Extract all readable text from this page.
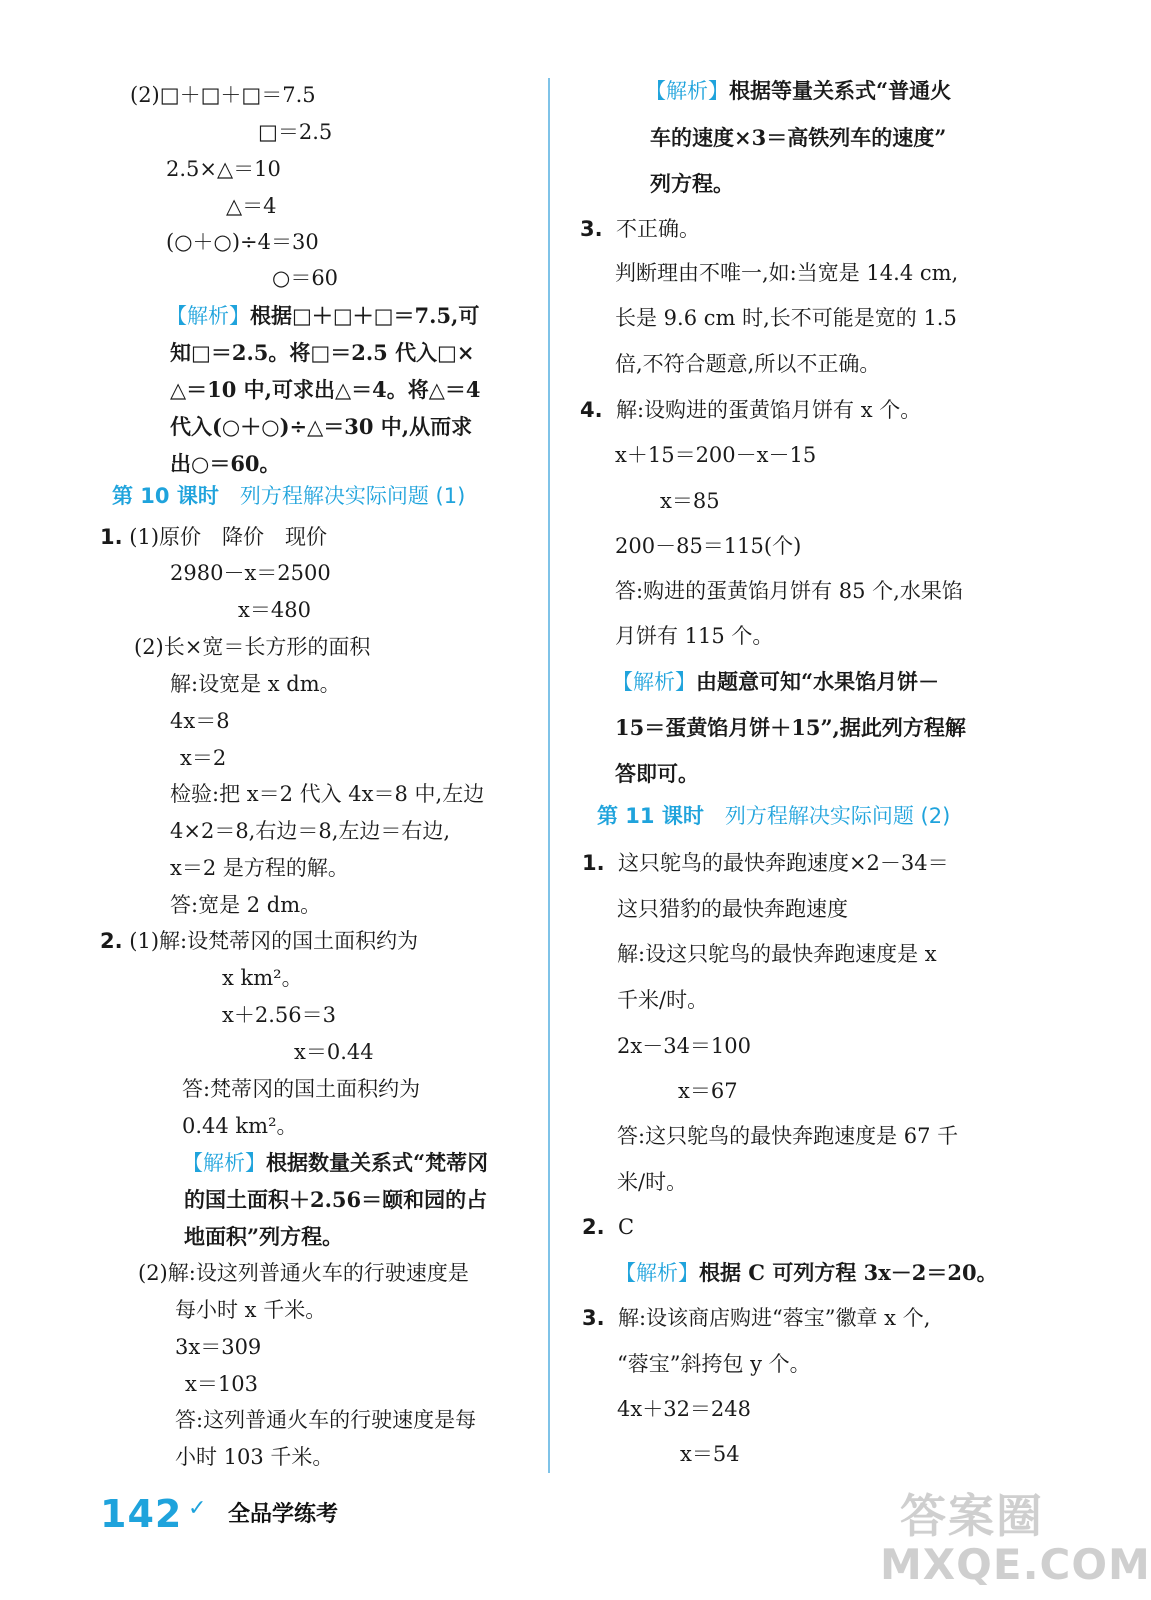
(2)□＋□＋□＝7.5
□＝2.5
2.5×△＝10
△＝4
(○＋○)÷4＝30
○＝60
【解析】根据□＋□＋□＝7.5,可
知□＝2.5。将□＝2.5 代入□×
△＝10 中,可求出△＝4。将△＝4
代入(○＋○)÷△＝30 中,从而求
出○＝60。
第 10 课时　 列方程解决实际问题 (1)
1. (1)原价　降价　现价
2980－x＝2500
x＝480
(2)长×宽＝长方形的面积
解:设宽是 x dm。
4x＝8
x＝2
检验:把 x＝2 代入 4x＝8 中,左边
4×2＝8,右边＝8,左边＝右边,
x＝2 是方程的解。
答:宽是 2 dm。
2. (1)解:设梵蒂冈的国土面积约为
x km²。
x＋2.56＝3
x＝0.44
答:梵蒂冈的国土面积约为
0.44 km²。
【解析】根据数量关系式“梵蒂冈
的国土面积＋2.56＝颐和园的占
地面积”列方程。
(2)解:设这列普通火车的行驶速度是
每小时 x 千米。
3x＝309
x＝103
答:这列普通火车的行驶速度是每
小时 103 千米。
【解析】根据等量关系式“普通火
车的速度×3＝高铁列车的速度”
列方程。
3. 不正确。
判断理由不唯一,如:当宽是 14.4 cm,
长是 9.6 cm 时,长不可能是宽的 1.5
倍,不符合题意,所以不正确。
4. 解:设购进的蛋黄馅月饼有 x 个。
x＋15＝200－x－15
x＝85
200－85＝115(个)
答:购进的蛋黄馅月饼有 85 个,水果馅
月饼有 115 个。
【解析】由题意可知“水果馅月饼－
15＝蛋黄馅月饼＋15”,据此列方程解
答即可。
第 11 课时　 列方程解决实际问题 (2)
1. 这只鸵鸟的最快奔跑速度×2－34＝
这只猎豹的最快奔跑速度
解:设这只鸵鸟的最快奔跑速度是 x
千米/时。
2x－34＝100
x＝67
答:这只鸵鸟的最快奔跑速度是 67 千
米/时。
2. C
【解析】根据 C 可列方程 3x－2＝20。
3. 解:设该商店购进“蓉宝”徽章 x 个,
“蓉宝”斜挎包 y 个。
4x＋32＝248
x＝54
142 ✓ 全品学练考	答案圈
MXQE.COM
